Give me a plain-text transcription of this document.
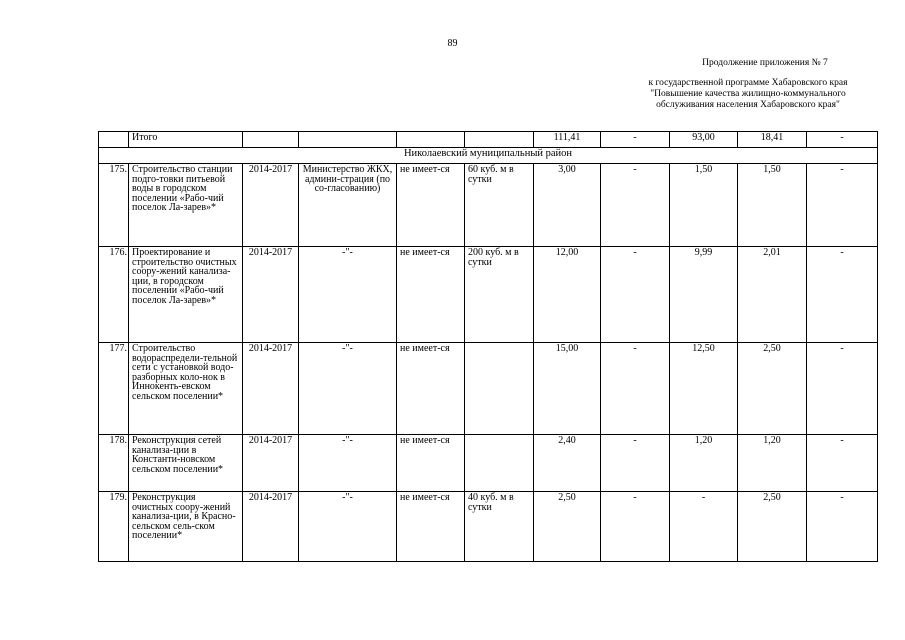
89
Продолжение приложения № 7
к государственной программе Хабаровского края
"Повышение качества жилищно-коммунального
обслуживания населения Хабаровского края"
	Итого					111,41	-	93,00	18,41	-
Николаевский муниципальный район										
175.	Строительство станции подго-товки питьевой воды в городском поселении «Рабо-чий поселок Ла-зарев»*	2014-2017	Министерство ЖКХ, админи-страция (по со-гласованию)	не имеет-ся	60 куб. м в сутки	3,00	-	1,50	1,50	-
176.	Проектирование и строительство очистных соору-жений канализа-ции, в городском поселении «Рабо-чий поселок Ла-зарев»*	2014-2017	-"-	не имеет-ся	200 куб. м в сутки	12,00	-	9,99	2,01	-
177.	Строительство водораспредели-тельной сети с установкой водо-разборных коло-нок в Иннокенть-евском сельском поселении*	2014-2017	-"-	не имеет-ся		15,00	-	12,50	2,50	-
178.	Реконструкция сетей канализа-ции в Константи-новском сельском поселении*	2014-2017	-"-	не имеет-ся		2,40	-	1,20	1,20	-
179.	Реконструкция очистных соору-жений канализа-ции, в Красно-сельском сель-ском поселении*	2014-2017	-"-	не имеет-ся	40 куб. м в сутки	2,50	-	-	2,50	-
